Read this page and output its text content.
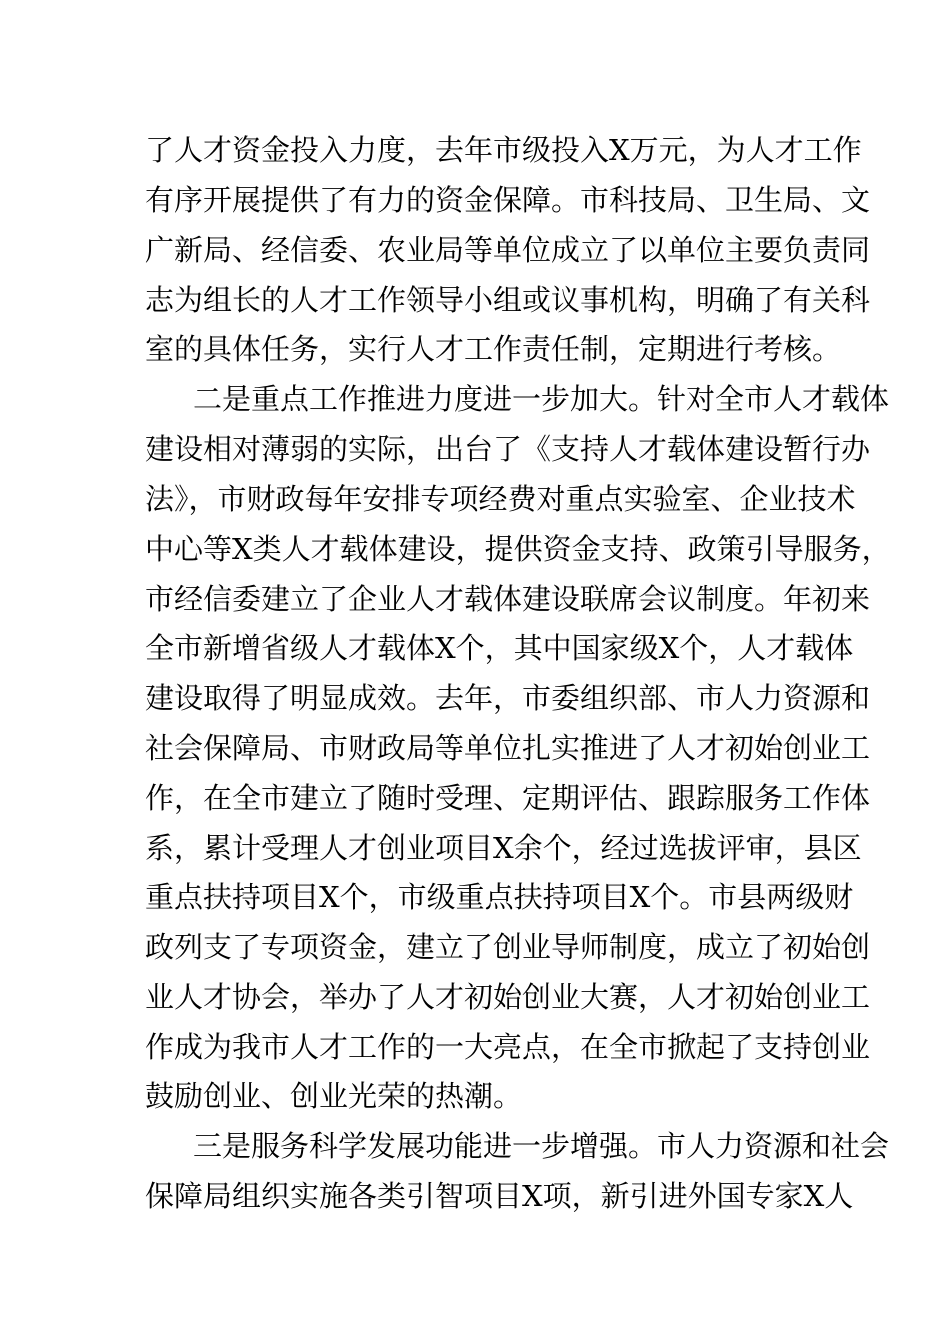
了人才资金投入力度，去年市级投入X万元，为人才工作
有序开展提供了有力的资金保障。市科技局、卫生局、文
广新局、经信委、农业局等单位成立了以单位主要负责同
志为组长的人才工作领导小组或议事机构，明确了有关科
室的具体任务，实行人才工作责任制，定期进行考核。
二是重点工作推进力度进一步加大。针对全市人才载体
建设相对薄弱的实际，出台了《支持人才载体建设暂行办
法》，市财政每年安排专项经费对重点实验室、企业技术
中心等X类人才载体建设，提供资金支持、政策引导服务，
市经信委建立了企业人才载体建设联席会议制度。年初来
全市新增省级人才载体X个，其中国家级X个，人才载体
建设取得了明显成效。去年，市委组织部、市人力资源和
社会保障局、市财政局等单位扎实推进了人才初始创业工
作，在全市建立了随时受理、定期评估、跟踪服务工作体
系，累计受理人才创业项目X余个，经过选拔评审，县区
重点扶持项目X个，市级重点扶持项目X个。市县两级财
政列支了专项资金，建立了创业导师制度，成立了初始创
业人才协会，举办了人才初始创业大赛，人才初始创业工
作成为我市人才工作的一大亮点，在全市掀起了支持创业
鼓励创业、创业光荣的热潮。
三是服务科学发展功能进一步增强。市人力资源和社会
保障局组织实施各类引智项目X项，新引进外国专家X人
